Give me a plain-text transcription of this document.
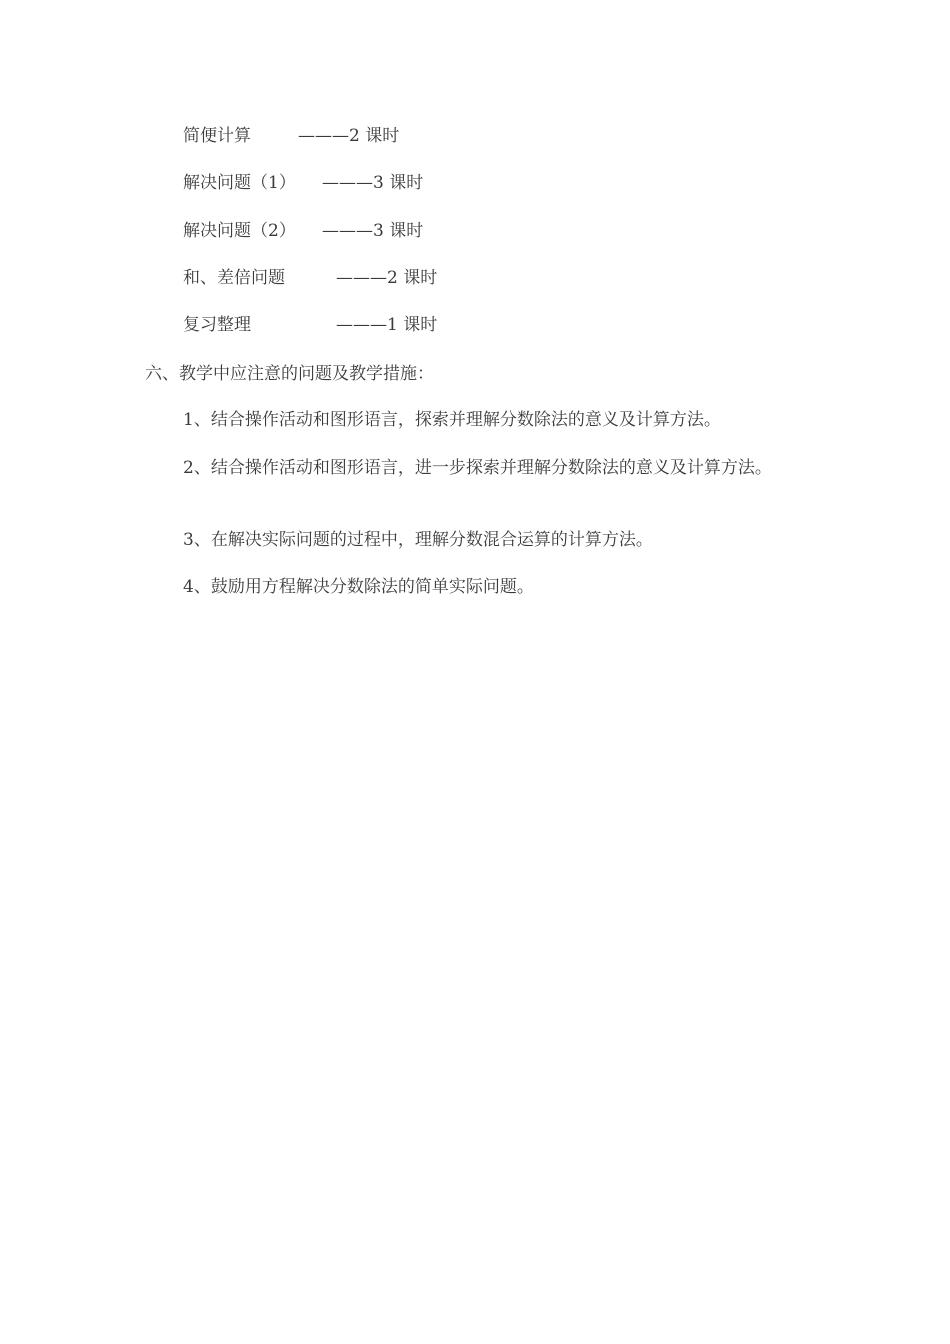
简便计算	———2 课时
解决问题（1） ———3 课时
解决问题（2） ———3 课时
和、差倍问题	———2 课时
复习整理	———1 课时
六、教学中应注意的问题及教学措施：
1、结合操作活动和图形语言，探索并理解分数除法的意义及计算方法。
2、结合操作活动和图形语言，进一步探索并理解分数除法的意义及计算方法。
3、在解决实际问题的过程中，理解分数混合运算的计算方法。
4、鼓励用方程解决分数除法的简单实际问题。
